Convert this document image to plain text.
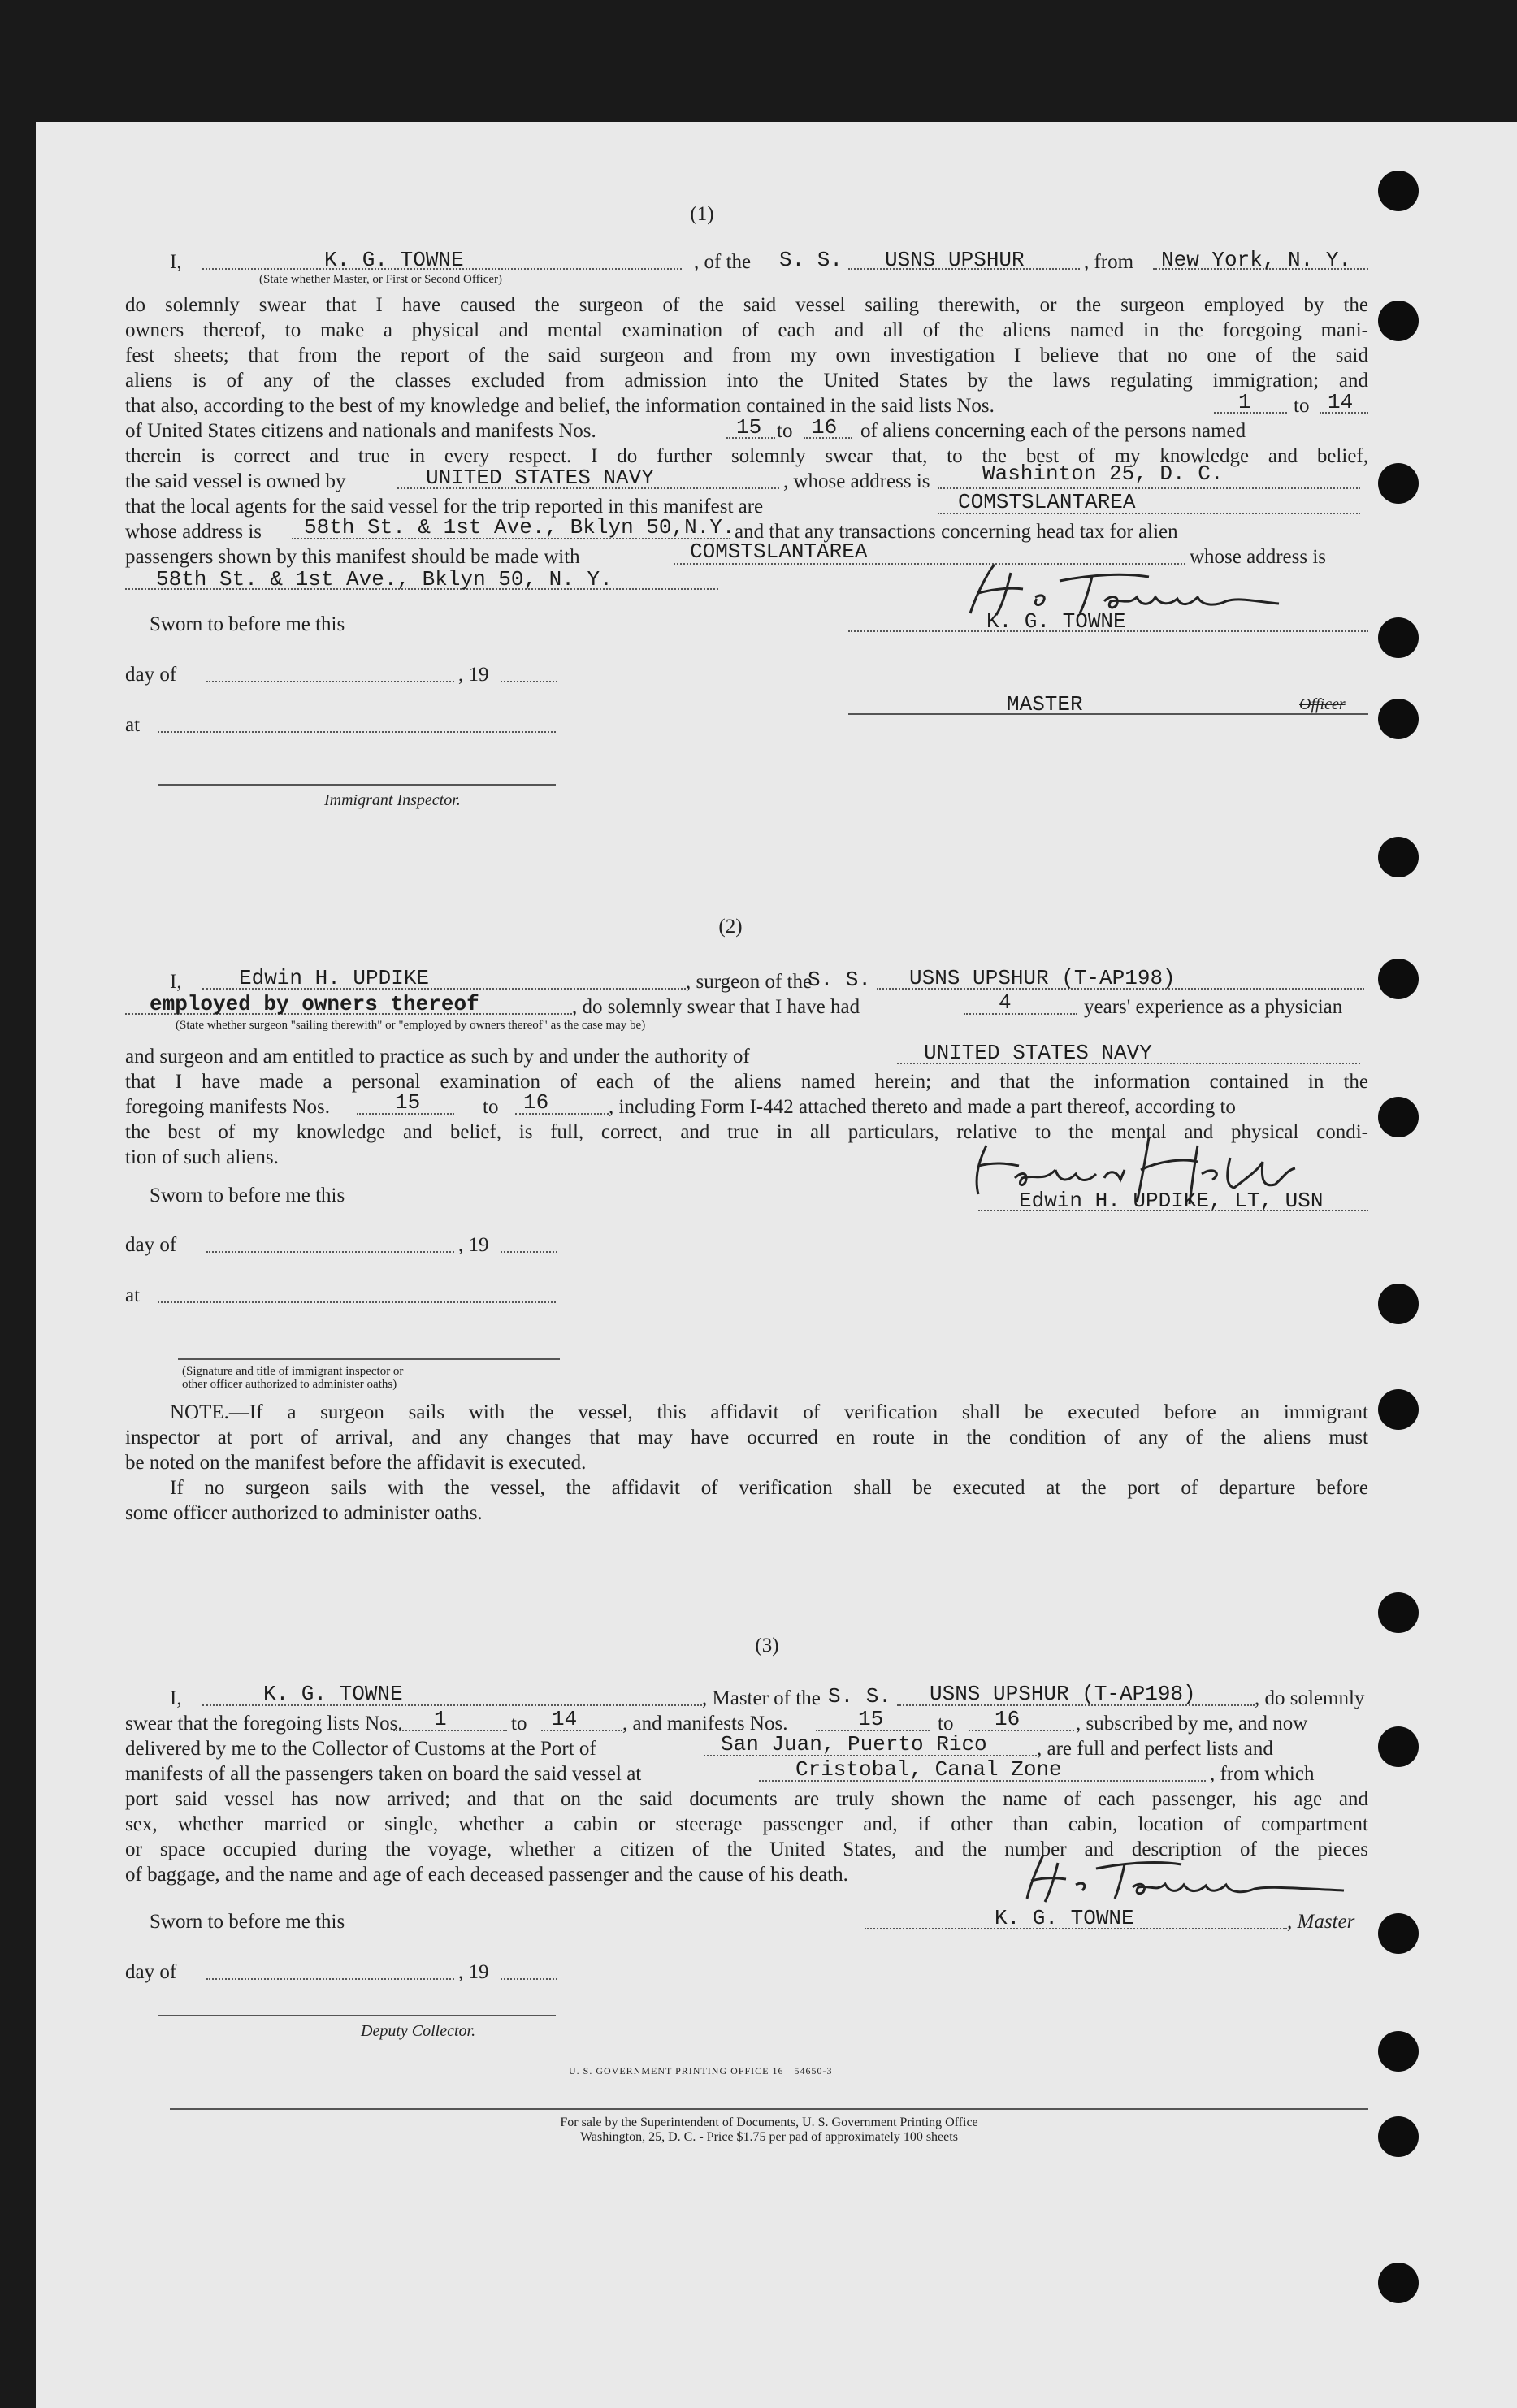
(1)
I,	K. G. TOWNE	, of the S. S. USNS UPSHUR	, from New York, N. Y.
(State whether Master, or First or Second Officer)
do solemnly swear that I have caused the surgeon of the said vessel sailing therewith, or the surgeon employed by the
owners thereof, to make a physical and mental examination of each and all of the aliens named in the foregoing mani-
fest sheets; that from the report of the said surgeon and from my own investigation I believe that no one of the said
aliens is of any of the classes excluded from admission into the United States by the laws regulating immigration; and
that also, according to the best of my knowledge and belief, the information contained in the said lists Nos.	1 to 14
of United States citizens and nationals and manifests Nos.	15 to 16 of aliens concerning each of the persons named
therein is correct and true in every respect. I do further solemnly swear that, to the best of my knowledge and belief,
the said vessel is owned by	UNITED STATES NAVY	, whose address is Washinton 25, D. C.
that the local agents for the said vessel for the trip reported in this manifest are	COMSTSLANTAREA
whose address is 58th St. & 1st Ave., Bklyn 50,N.Y. and that any transactions concerning head tax for alien
passengers shown by this manifest should be made with	COMSTSLANTAREA	whose address is
58th St. & 1st Ave., Bklyn 50, N. Y.
Sworn to before me this	K. G. TOWNE
day of	, 19
MASTER	Officer
at
Immigrant Inspector.
(2)
I,	Edwin H. UPDIKE	, surgeon of the
S. S. USNS UPSHUR (T-AP198)
employed by owners thereof	, do solemnly swear that I have had	4	years' experience as a physician
(State whether surgeon "sailing therewith" or "employed by owners thereof" as the case may be)
and surgeon and am entitled to practice as such by and under the authority of	UNITED STATES NAVY
that I have made a personal examination of each of the aliens named herein; and that the information contained in the
foregoing manifests Nos.	15	to 16	, including Form I-442 attached thereto and made a part thereof, according to
the best of my knowledge and belief, is full, correct, and true in all particulars, relative to the mental and physical condi-
tion of such aliens.
Sworn to before me this	Edwin H. UPDIKE, LT, USN
day of	, 19
at
(Signature and title of immigrant inspector or
other officer authorized to administer oaths)
NOTE.—If a surgeon sails with the vessel, this affidavit of verification shall be executed before an immigrant
inspector at port of arrival, and any changes that may have occurred en route in the condition of any of the aliens must
be noted on the manifest before the affidavit is executed.
If no surgeon sails with the vessel, the affidavit of verification shall be executed at the port of departure before
some officer authorized to administer oaths.
(3)
I,	K. G. TOWNE	, Master of the S. S. USNS UPSHUR (T-AP198)	, do solemnly
swear that the foregoing lists Nos. 1	to 14 , and manifests Nos.	15	to 16	, subscribed by me, and now
delivered by me to the Collector of Customs at the Port of	San Juan, Puerto Rico , are full and perfect lists and
manifests of all the passengers taken on board the said vessel at	Cristobal, Canal Zone	, from which
port said vessel has now arrived; and that on the said documents are truly shown the name of each passenger, his age and
sex, whether married or single, whether a cabin or steerage passenger and, if other than cabin, location of compartment
or space occupied during the voyage, whether a citizen of the United States, and the number and description of the pieces
of baggage, and the name and age of each deceased passenger and the cause of his death.
Sworn to before me this	K. G. TOWNE	, Master
day of	, 19
Deputy Collector.
U. S. GOVERNMENT PRINTING OFFICE 16—54650-3
For sale by the Superintendent of Documents, U. S. Government Printing Office
Washington, 25, D. C. - Price $1.75 per pad of approximately 100 sheets
